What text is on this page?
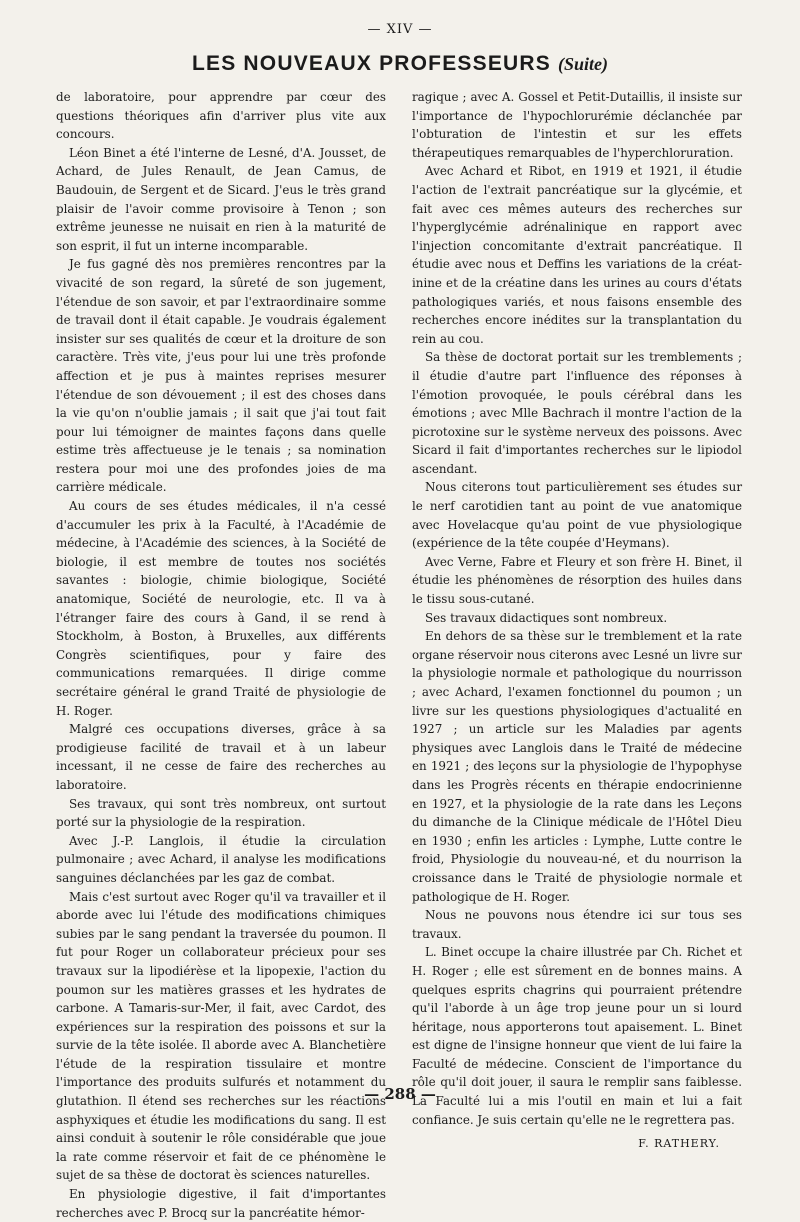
— XIV —
LES NOUVEAUX PROFESSEURS (Suite)

de laboratoire, pour apprendre par cœur des questions théoriques afin d'arriver plus vite aux concours.

Léon Binet a été l'interne de Lesné, d'A. Jousset, de Achard, de Jules Renault, de Jean Camus, de Baudouin, de Sergent et de Sicard. J'eus le très grand plaisir de l'avoir comme provisoire à Tenon ; son extrême jeunesse ne nuisait en rien à la maturité de son esprit, il fut un interne incomparable.

Je fus gagné dès nos premières rencontres par la vivacité de son regard, la sûreté de son jugement, l'étendue de son savoir, et par l'extraordinaire somme de travail dont il était capable. Je voudrais également insister sur ses qualités de cœur et la droiture de son caractère. Très vite, j'eus pour lui une très profonde affection et je pus à maintes reprises mesurer l'étendue de son dévouement ; il est des choses dans la vie qu'on n'oublie jamais ; il sait que j'ai tout fait pour lui témoigner de maintes façons dans quelle estime très affectueuse je le tenais ; sa nomination restera pour moi une des profondes joies de ma carrière médicale.

Au cours de ses études médicales, il n'a cessé d'accumuler les prix à la Faculté, à l'Académie de médecine, à l'Académie des sciences, à la Société de biologie, il est membre de toutes nos sociétés savantes : biologie, chimie biologique, Société anatomique, Société de neurologie, etc. Il va à l'étranger faire des cours à Gand, il se rend à Stockholm, à Boston, à Bruxelles, aux différents Congrès scientifiques, pour y faire des communications remarquées. Il dirige comme secrétaire général le grand Traité de physiologie de H. Roger.

Malgré ces occupations diverses, grâce à sa prodigieuse facilité de travail et à un labeur incessant, il ne cesse de faire des recherches au laboratoire.

Ses travaux, qui sont très nombreux, ont surtout porté sur la physiologie de la respiration.

Avec J.-P. Langlois, il étudie la circulation pulmonaire ; avec Achard, il analyse les modifications sanguines déclanchées par les gaz de combat.

Mais c'est surtout avec Roger qu'il va travailler et il aborde avec lui l'étude des modifications chimiques subies par le sang pendant la traversée du poumon. Il fut pour Roger un collaborateur précieux pour ses travaux sur la lipodiérèse et la lipopexie, l'action du poumon sur les matières grasses et les hydrates de carbone. A Tamaris-sur-Mer, il fait, avec Cardot, des expériences sur la respiration des poissons et sur la survie de la tête isolée. Il aborde avec A. Blanchetière l'étude de la respiration tissulaire et montre l'importance des produits sulfurés et notamment du glutathion. Il étend ses recherches sur les réactions asphyxiques et étudie les modifications du sang. Il est ainsi conduit à soutenir le rôle considérable que joue la rate comme réservoir et fait de ce phénomène le sujet de sa thèse de doctorat ès sciences naturelles.

En physiologie digestive, il fait d'importantes recherches avec P. Brocq sur la pancréatite hémor-

ragique ; avec A. Gossel et Petit-Dutaillis, il insiste sur l'importance de l'hypochlorurémie déclanchée par l'obturation de l'intestin et sur les effets thérapeutiques remarquables de l'hyperchloruration.

Avec Achard et Ribot, en 1919 et 1921, il étudie l'action de l'extrait pancréatique sur la glycémie, et fait avec ces mêmes auteurs des recherches sur l'hyperglycémie adrénalinique en rapport avec l'injection concomitante d'extrait pancréatique. Il étudie avec nous et Deffins les variations de la créat-inine et de la créatine dans les urines au cours d'états pathologiques variés, et nous faisons ensemble des recherches encore inédites sur la transplantation du rein au cou.

Sa thèse de doctorat portait sur les tremblements ; il étudie d'autre part l'influence des réponses à l'émotion provoquée, le pouls cérébral dans les émotions ; avec Mlle Bachrach il montre l'action de la picrotoxine sur le système nerveux des poissons. Avec Sicard il fait d'importantes recherches sur le lipiodol ascendant.

Nous citerons tout particulièrement ses études sur le nerf carotidien tant au point de vue anatomique avec Hovelacque qu'au point de vue physiologique (expérience de la tête coupée d'Heymans).

Avec Verne, Fabre et Fleury et son frère H. Binet, il étudie les phénomènes de résorption des huiles dans le tissu sous-cutané.

Ses travaux didactiques sont nombreux.

En dehors de sa thèse sur le tremblement et la rate organe réservoir nous citerons avec Lesné un livre sur la physiologie normale et pathologique du nourrisson ; avec Achard, l'examen fonctionnel du poumon ; un livre sur les questions physiologiques d'actualité en 1927 ; un article sur les Maladies par agents physiques avec Langlois dans le Traité de médecine en 1921 ; des leçons sur la physiologie de l'hypophyse dans les Progrès récents en thérapie endocrinienne en 1927, et la physiologie de la rate dans les Leçons du dimanche de la Clinique médicale de l'Hôtel Dieu en 1930 ; enfin les articles : Lymphe, Lutte contre le froid, Physiologie du nouveau-né, et du nourrison la croissance dans le Traité de physiologie normale et pathologique de H. Roger.

Nous ne pouvons nous étendre ici sur tous ses travaux.

L. Binet occupe la chaire illustrée par Ch. Richet et H. Roger ; elle est sûrement en de bonnes mains. A quelques esprits chagrins qui pourraient prétendre qu'il l'aborde à un âge trop jeune pour un si lourd héritage, nous apporterons tout apaisement. L. Binet est digne de l'insigne honneur que vient de lui faire la Faculté de médecine. Conscient de l'importance du rôle qu'il doit jouer, il saura le remplir sans faiblesse. La Faculté lui a mis l'outil en main et lui a fait confiance. Je suis certain qu'elle ne le regrettera pas.

F. RATHERY.

— 288 —
